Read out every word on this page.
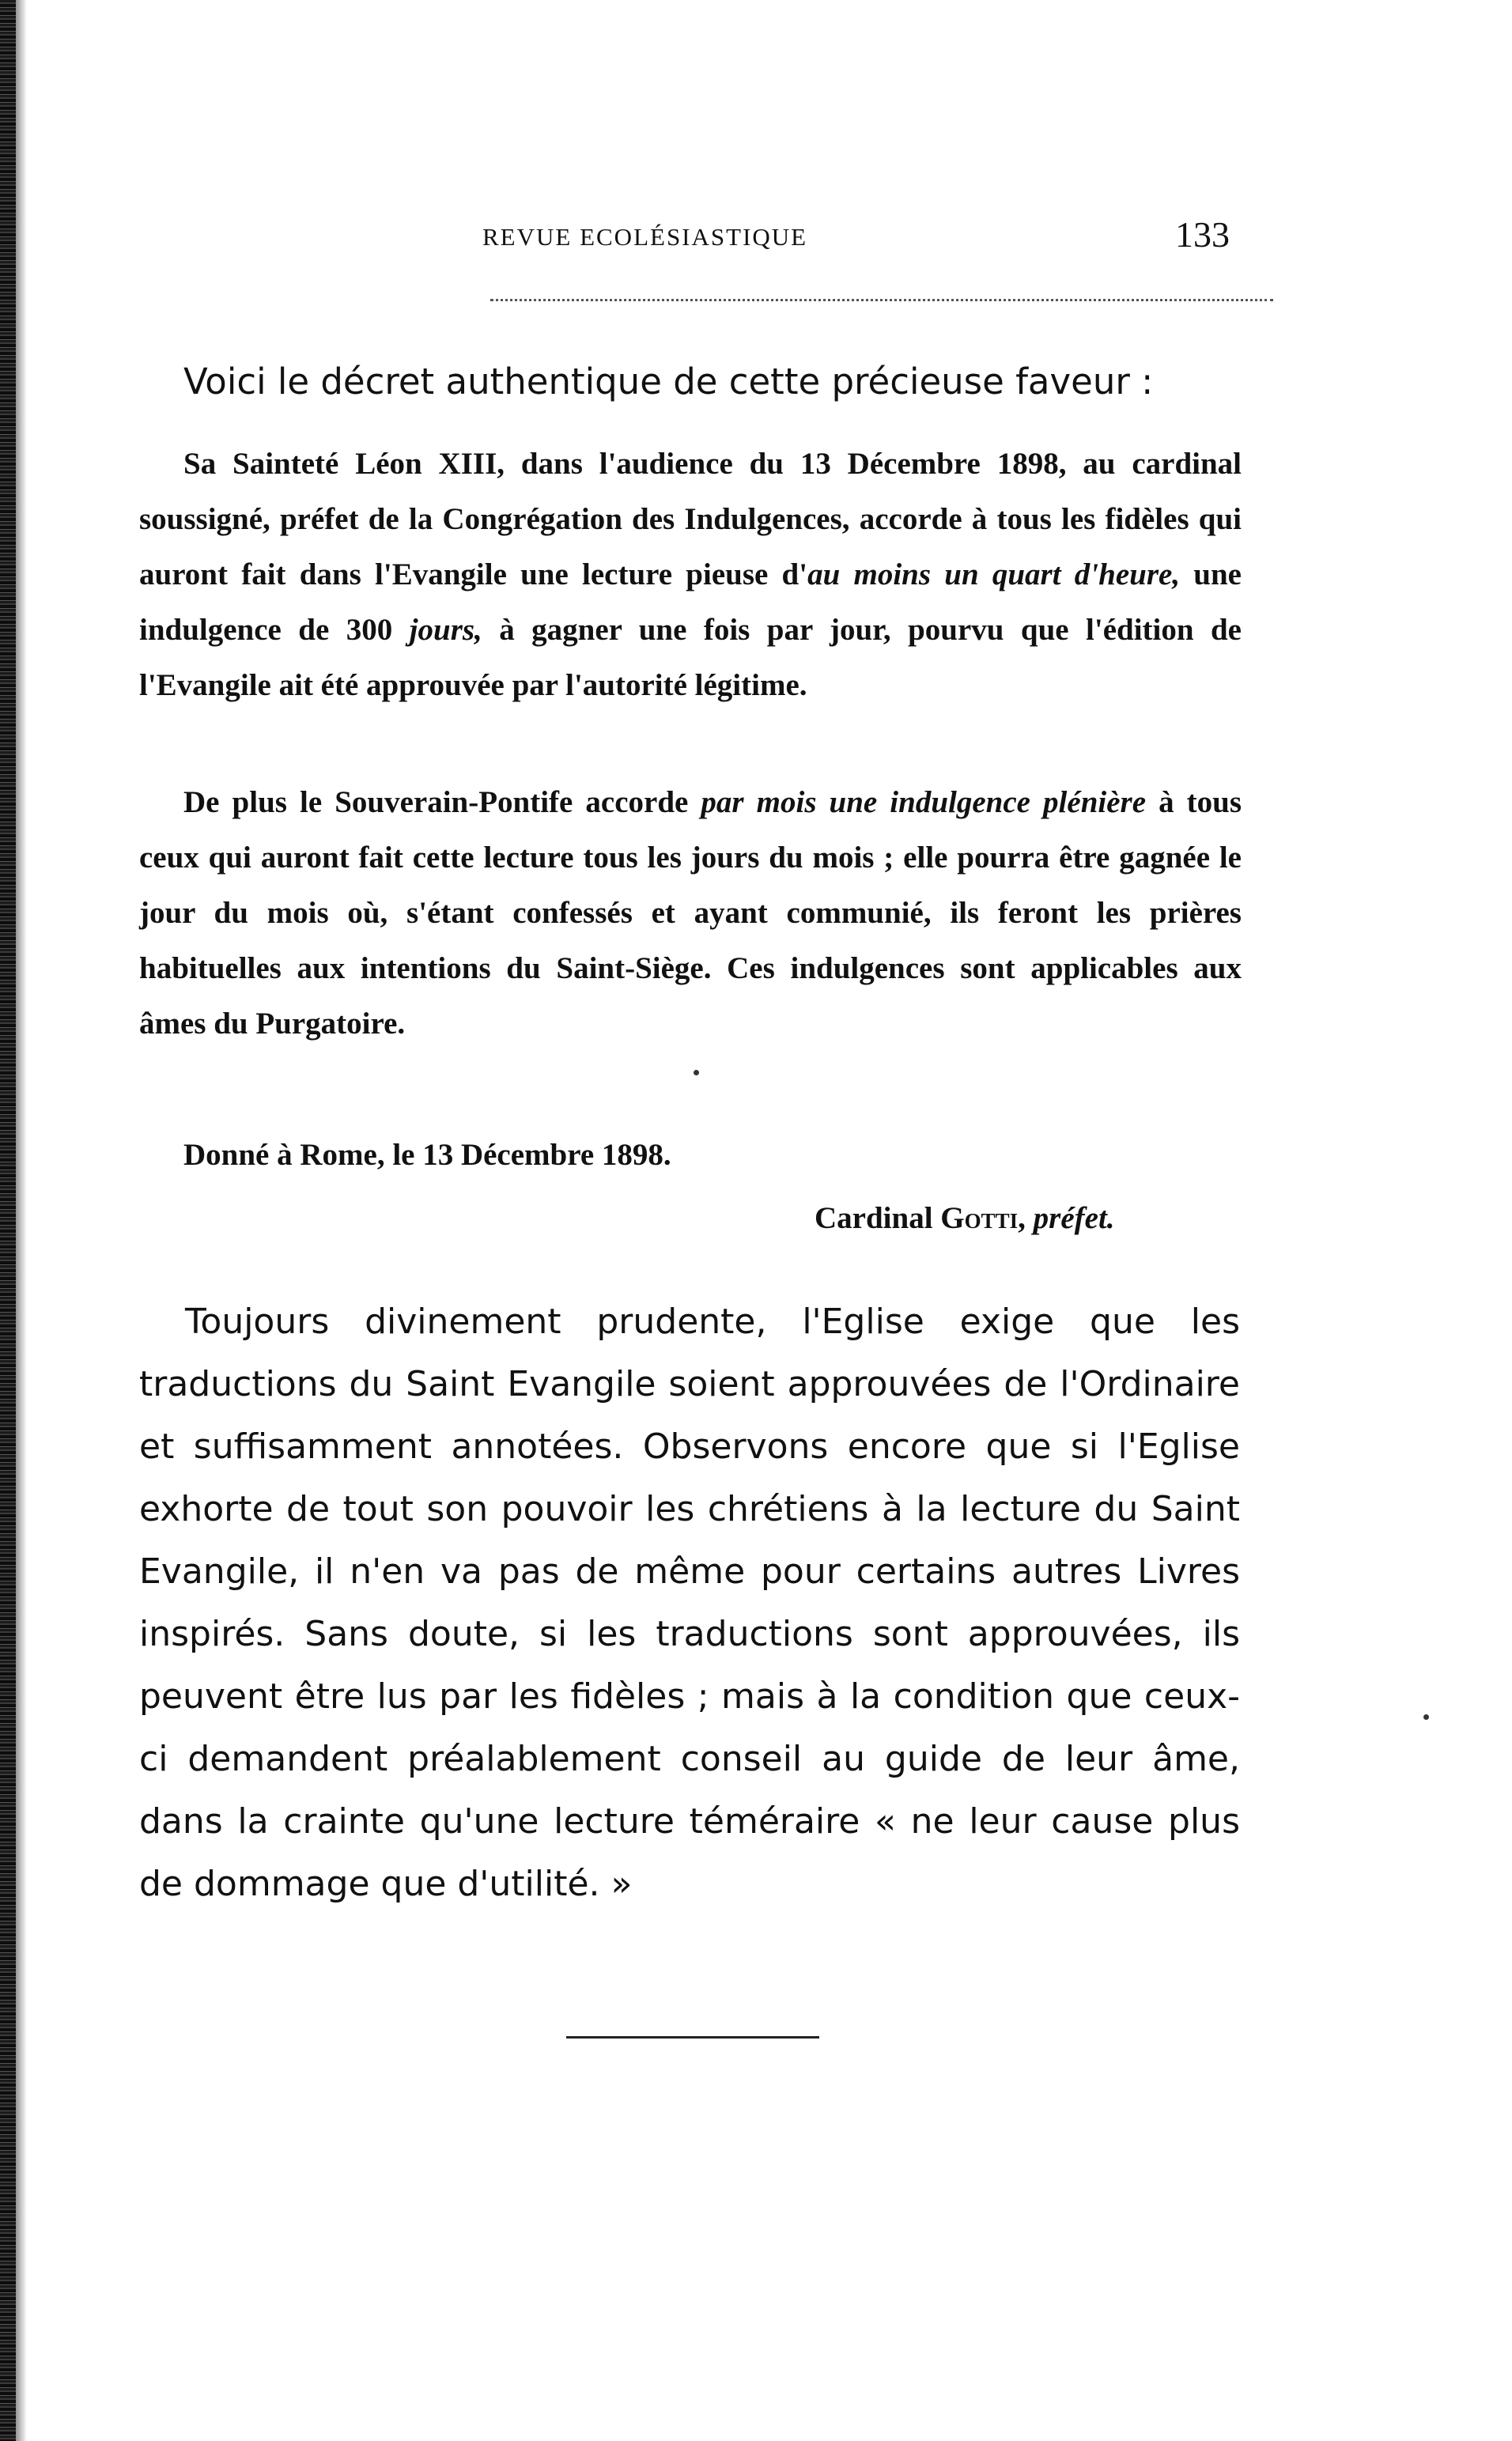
REVUE ECOLÉSIASTIQUE	133
Voici le décret authentique de cette précieuse faveur :
Sa Sainteté Léon XIII, dans l'audience du 13 Décembre 1898, au cardinal soussigné, préfet de la Congrégation des Indulgences, accorde à tous les fidèles qui auront fait dans l'Evangile une lecture pieuse d'au moins un quart d'heure, une indulgence de 300 jours, à gagner une fois par jour, pourvu que l'édition de l'Evangile ait été approuvée par l'autorité légitime.
De plus le Souverain-Pontife accorde par mois une indulgence plénière à tous ceux qui auront fait cette lecture tous les jours du mois ; elle pourra être gagnée le jour du mois où, s'étant confessés et ayant communié, ils feront les prières habituelles aux intentions du Saint-Siège. Ces indulgences sont applicables aux âmes du Purgatoire.
Donné à Rome, le 13 Décembre 1898.
Cardinal Gotti, préfet.

Toujours divinement prudente, l'Eglise exige que les traductions du Saint Evangile soient approuvées de l'Ordinaire et suffisamment annotées. Observons encore que si l'Eglise exhorte de tout son pouvoir les chrétiens à la lecture du Saint Evangile, il n'en va pas de même pour certains autres Livres inspirés. Sans doute, si les traductions sont approuvées, ils peuvent être lus par les fidèles ; mais à la condition que ceux-ci demandent préalablement conseil au guide de leur âme, dans la crainte qu'une lecture téméraire « ne leur cause plus de dommage que d'utilité. »
